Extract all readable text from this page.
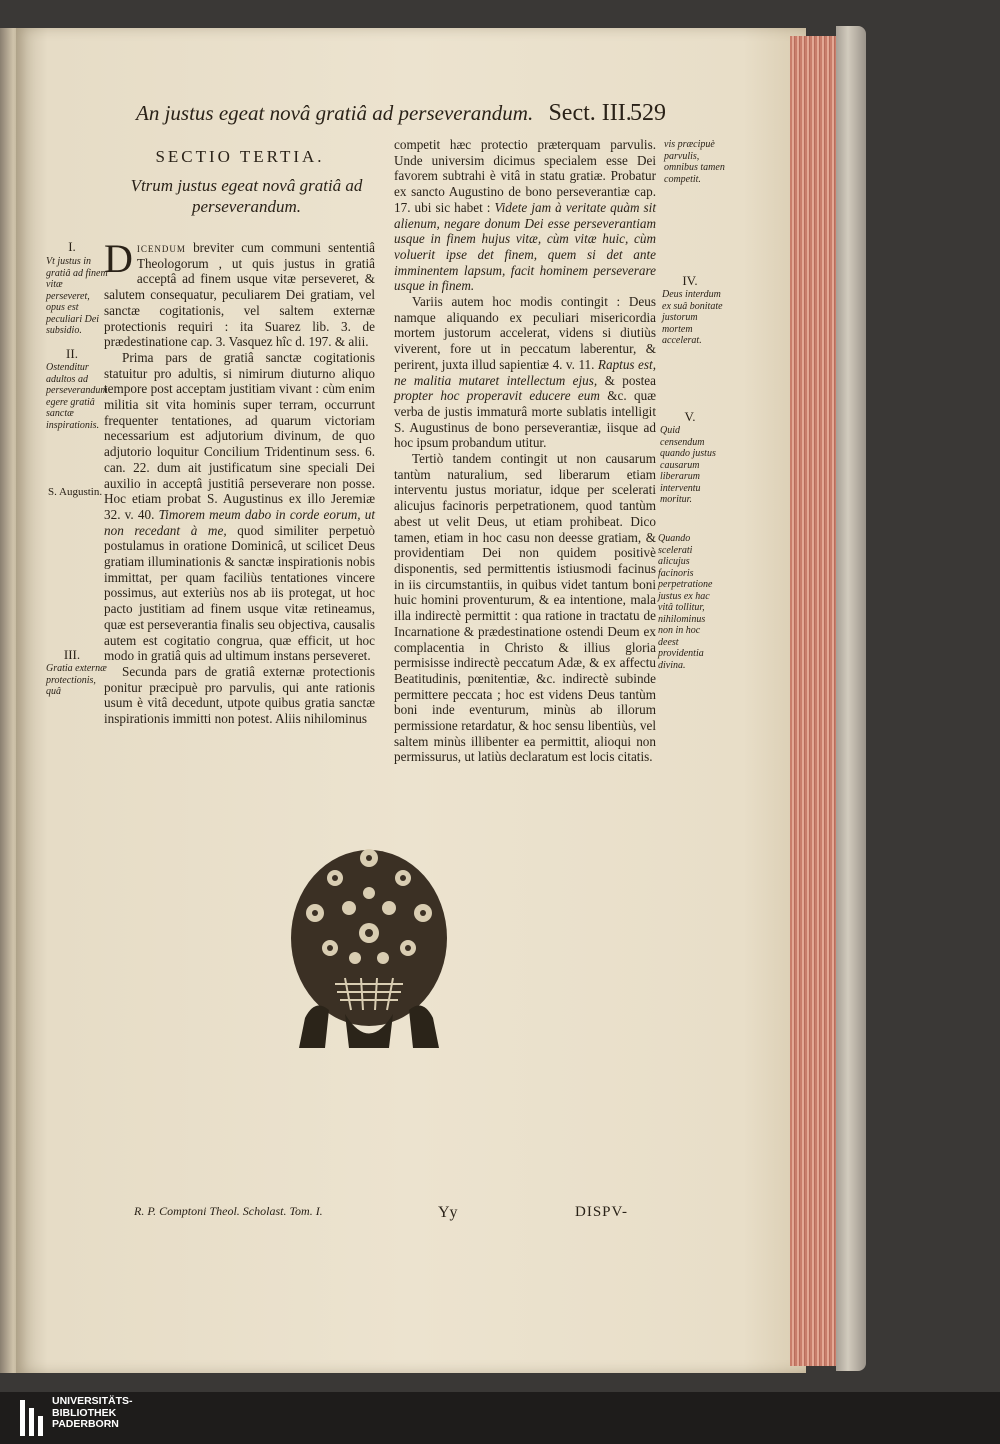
An justus egeat novâ gratiâ ad perseverandum. Sect. III.
529
SECTIO TERTIA.
Vtrum justus egeat novâ gratiâ ad perseverandum.

Dicendum breviter cum communi sententiâ Theologorum , ut quis justus in gratiâ acceptâ ad finem usque vitæ perseveret, & salutem consequatur, peculiarem Dei gratiam, vel sanctæ cogitationis, vel saltem externæ protectionis requiri : ita Suarez lib. 3. de prædestinatione cap. 3. Vasquez hîc d. 197. & alii.

Prima pars de gratiâ sanctæ cogitationis statuitur pro adultis, si nimirum diuturno aliquo tempore post acceptam justitiam vivant : cùm enim militia sit vita hominis super terram, occurrunt frequenter tentationes, ad quarum victoriam necessarium est adjutorium divinum, de quo adjutorio loquitur Concilium Tridentinum sess. 6. can. 22. dum ait justificatum sine speciali Dei auxilio in acceptâ justitiâ perseverare non posse. Hoc etiam probat S. Augustinus ex illo Jeremiæ 32. v. 40. Timorem meum dabo in corde eorum, ut non recedant à me, quod similiter perpetuò postulamus in oratione Dominicâ, ut scilicet Deus gratiam illuminationis & sanctæ inspirationis nobis immittat, per quam faciliùs tentationes vincere possimus, aut exteriùs nos ab iis protegat, ut hoc pacto justitiam ad finem usque vitæ retineamus, quæ est perseverantia finalis seu objectiva, causalis autem est cogitatio congrua, quæ efficit, ut hoc modo in gratiâ quis ad ultimum instans perseveret.

Secunda pars de gratiâ externæ protectionis ponitur præcipuè pro parvulis, qui ante rationis usum è vitâ decedunt, utpote quibus gratia sanctæ inspirationis immitti non potest. Aliis nihilominus

competit hæc protectio præterquam parvulis. Unde universim dicimus specialem esse Dei favorem subtrahi è vitâ in statu gratiæ. Probatur ex sancto Augustino de bono perseverantiæ cap. 17. ubi sic habet : Videte jam à veritate quàm sit alienum, negare donum Dei esse perseverantiam usque in finem hujus vitæ, cùm vitæ huic, cùm voluerit ipse det finem, quem si det ante imminentem lapsum, facit hominem perseverare usque in finem.

Variis autem hoc modis contingit : Deus namque aliquando ex peculiari misericordia mortem justorum accelerat, videns si diutiùs viverent, fore ut in peccatum laberentur, & perirent, juxta illud sapientiæ 4. v. 11. Raptus est, ne malitia mutaret intellectum ejus, & postea propter hoc properavit educere eum &c. quæ verba de justis immaturâ morte sublatis intelligit S. Augustinus de bono perseverantiæ, iisque ad hoc ipsum probandum utitur.

Tertiò tandem contingit ut non causarum tantùm naturalium, sed liberarum etiam interventu justus moriatur, idque per scelerati alicujus facinoris perpetrationem, quod tantùm abest ut velit Deus, ut etiam prohibeat. Dico tamen, etiam in hoc casu non deesse gratiam, & providentiam Dei non quidem positivè disponentis, sed permittentis istiusmodi facinus in iis circumstantiis, in quibus videt tantum boni huic homini proventurum, & ea intentione, mala illa indirectè permittit : qua ratione in tractatu de Incarnatione & prædestinatione ostendi Deum ex complacentia in Christo & illius gloria permisisse indirectè peccatum Adæ, & ex affectu Beatitudinis, pœnitentiæ, &c. indirectè subinde permittere peccata ; hoc est videns Deus tantùm boni inde eventurum, minùs ab illorum permissione retardatur, & hoc sensu libentiùs, vel saltem minùs illibenter ea permittit, alioqui non permissurus, ut latiùs declaratum est locis citatis.

I.
Vt justus in gratiâ ad finem vitæ perseveret, opus est peculiari Dei subsidio.
II.
Ostenditur adultos ad perseverandum egere gratiâ sanctæ inspirationis.
S. Augustin.
III.
Gratia externæ protectionis, quâ
vis præcipuè parvulis, omnibus tamen competit.
IV.
Deus interdum ex suâ bonitate justorum mortem accelerat.
V.
Quid censendum quando justus causarum liberarum interventu moritur.
Quando scelerati alicujus facinoris perpetratione justus ex hac vitâ tollitur, nihilominus non in hoc deest providentia divina.
R. P. Comptoni Theol. Scholast. Tom. I.	Yy	DISPV-
UNIVERSITÄTS-
BIBLIOTHEK
PADERBORN
